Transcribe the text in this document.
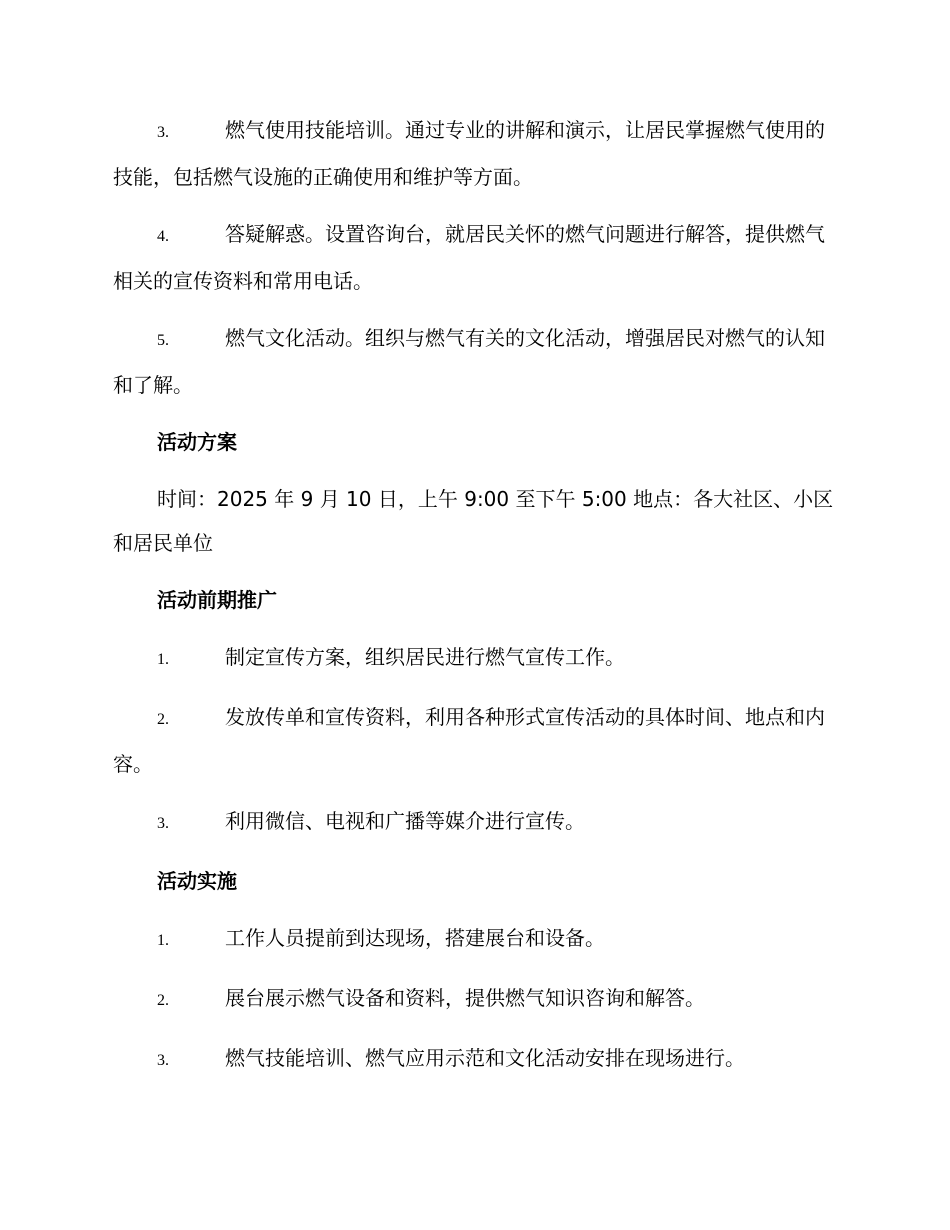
3.	燃气使用技能培训。通过专业的讲解和演示，让居民掌握燃气使用的技能，包括燃气设施的正确使用和维护等方面。

4.	答疑解惑。设置咨询台，就居民关怀的燃气问题进行解答，提供燃气相关的宣传资料和常用电话。

5.	燃气文化活动。组织与燃气有关的文化活动，增强居民对燃气的认知和了解。

活动方案

时间：2025 年 9 月 10 日，上午 9:00 至下午 5:00 地点：各大社区、小区和居民单位

活动前期推广

1.	制定宣传方案，组织居民进行燃气宣传工作。

2.	发放传单和宣传资料，利用各种形式宣传活动的具体时间、地点和内容。

3.	利用微信、电视和广播等媒介进行宣传。

活动实施

1.	工作人员提前到达现场，搭建展台和设备。

2.	展台展示燃气设备和资料，提供燃气知识咨询和解答。

3.	燃气技能培训、燃气应用示范和文化活动安排在现场进行。
